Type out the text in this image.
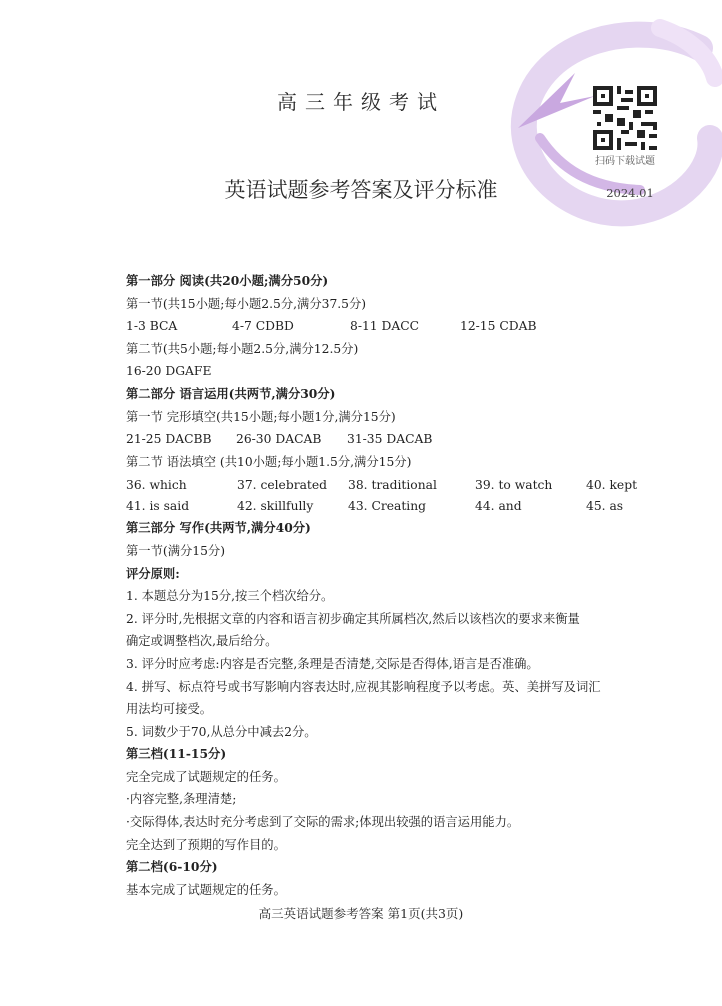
扫码下载试题
高三年级考试
英语试题参考答案及评分标准	2024.01
第一部分 阅读(共20小题;满分50分)
第一节(共15小题;每小题2.5分,满分37.5分)
1-3 BCA	4-7 CDBD	8-11 DACC	12-15 CDAB
第二节(共5小题;每小题2.5分,满分12.5分)
16-20 DGAFE
第二部分 语言运用(共两节,满分30分)
第一节 完形填空(共15小题;每小题1分,满分15分)
21-25 DACBB 26-30 DACAB 31-35 DACAB
第二节 语法填空 (共10小题;每小题1.5分,满分15分)
36. which	37. celebrated 38. traditional	39. to watch	40. kept
41. is said	42. skillfully	43. Creating	44. and	45. as
第三部分 写作(共两节,满分40分)
第一节(满分15分)
评分原则:
1. 本题总分为15分,按三个档次给分。
2. 评分时,先根据文章的内容和语言初步确定其所属档次,然后以该档次的要求来衡量
确定或调整档次,最后给分。
3. 评分时应考虑:内容是否完整,条理是否清楚,交际是否得体,语言是否准确。
4. 拼写、标点符号或书写影响内容表达时,应视其影响程度予以考虑。英、美拼写及词汇
用法均可接受。
5. 词数少于70,从总分中减去2分。
第三档(11-15分)
完全完成了试题规定的任务。
·内容完整,条理清楚;
·交际得体,表达时充分考虑到了交际的需求;体现出较强的语言运用能力。
完全达到了预期的写作目的。
第二档(6-10分)
基本完成了试题规定的任务。
高三英语试题参考答案 第1页(共3页)
